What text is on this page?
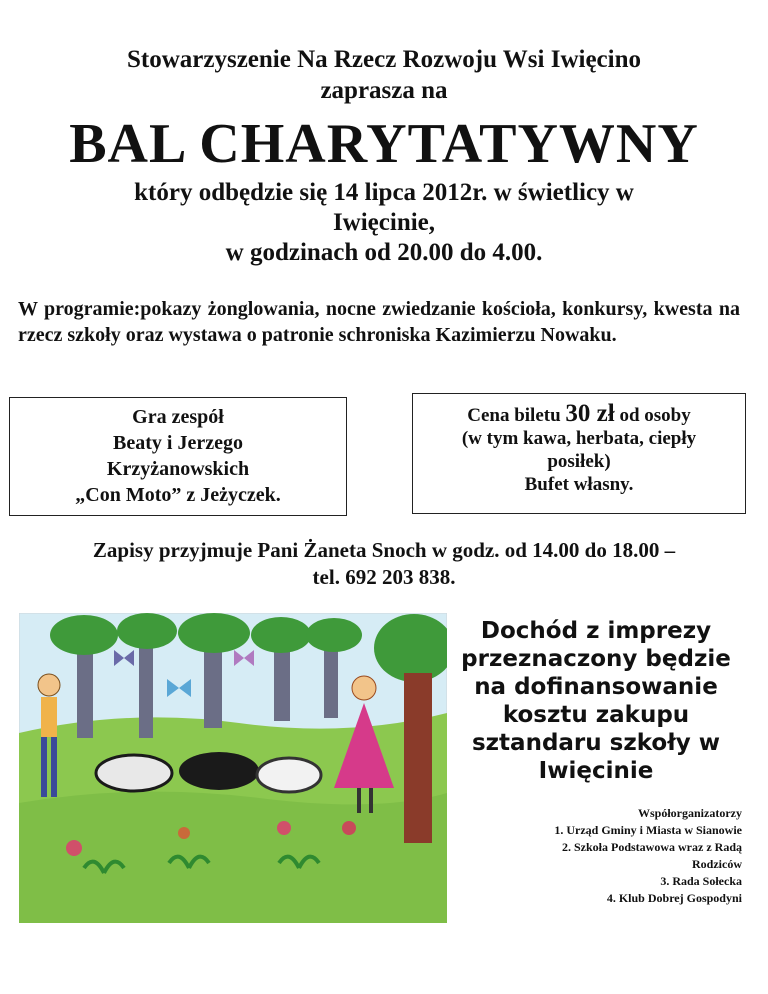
Stowarzyszenie Na Rzecz Rozwoju Wsi Iwięcino
zaprasza na
BAL CHARYTATYWNY
który odbędzie się 14 lipca 2012r. w świetlicy w
Iwięcinie,
w godzinach od 20.00 do 4.00.
W programie:pokazy żonglowania, nocne zwiedzanie kościoła, konkursy, kwesta na rzecz szkoły oraz wystawa o patronie schroniska Kazimierzu Nowaku.
Gra zespół
Beaty i Jerzego
Krzyżanowskich
„Con Moto” z Jeżyczek.
Cena biletu 30 zł od osoby
(w tym kawa, herbata, ciepły
posiłek)
Bufet własny.
Zapisy przyjmuje Pani Żaneta Snoch w godz. od 14.00 do 18.00 –
tel. 692 203 838.
Dochód z imprezy
przeznaczony będzie
na dofinansowanie
kosztu zakupu
sztandaru szkoły w
Iwięcinie
Współorganizatorzy
1. Urząd Gminy i Miasta w Sianowie
2. Szkoła Podstawowa wraz z Radą
Rodziców
3. Rada Sołecka
4. Klub Dobrej Gospodyni
